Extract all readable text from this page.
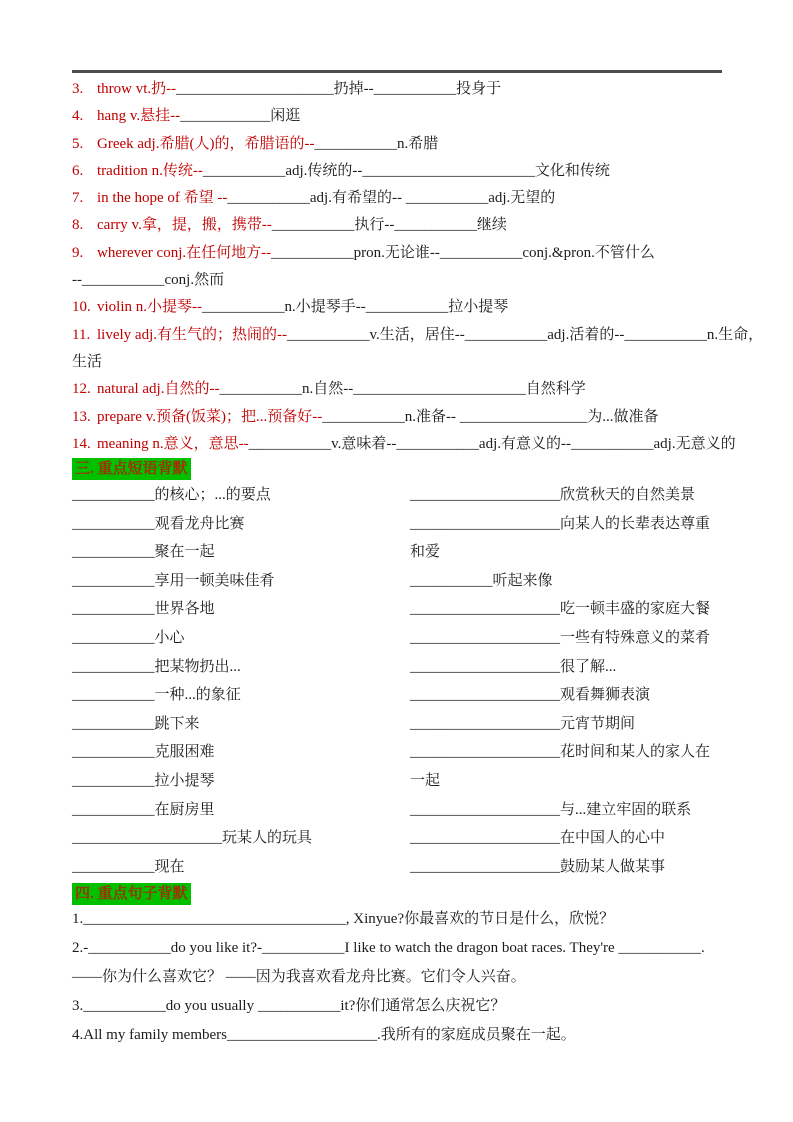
3. throw vt.扔--_____________________扔掉--___________投身于
4. hang v.悬挂--____________闲逛
5. Greek adj.希腊(人)的，希腊语的--___________n.希腊
6. tradition n.传统--___________adj.传统的--_______________________文化和传统
7. in the hope of 希望 --___________adj.有希望的-- ___________adj.无望的
8. carry v.拿，提，搬，携带--___________执行--___________继续
9. wherever conj.在任何地方--___________pron.无论谁--___________conj.&pron.不管什么
--___________conj.然而
10. violin n.小提琴--___________n.小提琴手--___________拉小提琴
11. lively adj.有生气的；热闹的--___________v.生活，居住--___________adj.活着的--___________n.生命，
生活
12. natural adj.自然的--___________n.自然--_______________________自然科学
13. prepare v.预备(饭菜)；把...预备好--___________n.准备-- _________________为...做准备
14. meaning n.意义，意思--___________v.意味着--___________adj.有意义的--___________adj.无意义的
三. 重点短语背默
___________的核心；...的要点	____________________欣赏秋天的自然美景
___________观看龙舟比赛	____________________向某人的长辈表达尊重
___________聚在一起	和爱
___________享用一顿美味佳肴	___________听起来像
___________世界各地	____________________吃一顿丰盛的家庭大餐
___________小心	____________________一些有特殊意义的菜肴
___________把某物扔出...	____________________很了解...
___________一种...的象征	____________________观看舞狮表演
___________跳下来	____________________元宵节期间
___________克服困难	____________________花时间和某人的家人在
___________拉小提琴	一起
___________在厨房里	____________________与...建立牢固的联系
____________________玩某人的玩具	____________________在中国人的心中
___________现在	____________________鼓励某人做某事
四. 重点句子背默
1.___________________________________, Xinyue?你最喜欢的节日是什么，欣悦？
2.-___________do you like it?-___________I like to watch the dragon boat races. They're ___________.
——你为什么喜欢它？ ——因为我喜欢看龙舟比赛。它们令人兴奋。
3.___________do you usually ___________it?你们通常怎么庆祝它？
4.All my family members____________________.我所有的家庭成员聚在一起。
